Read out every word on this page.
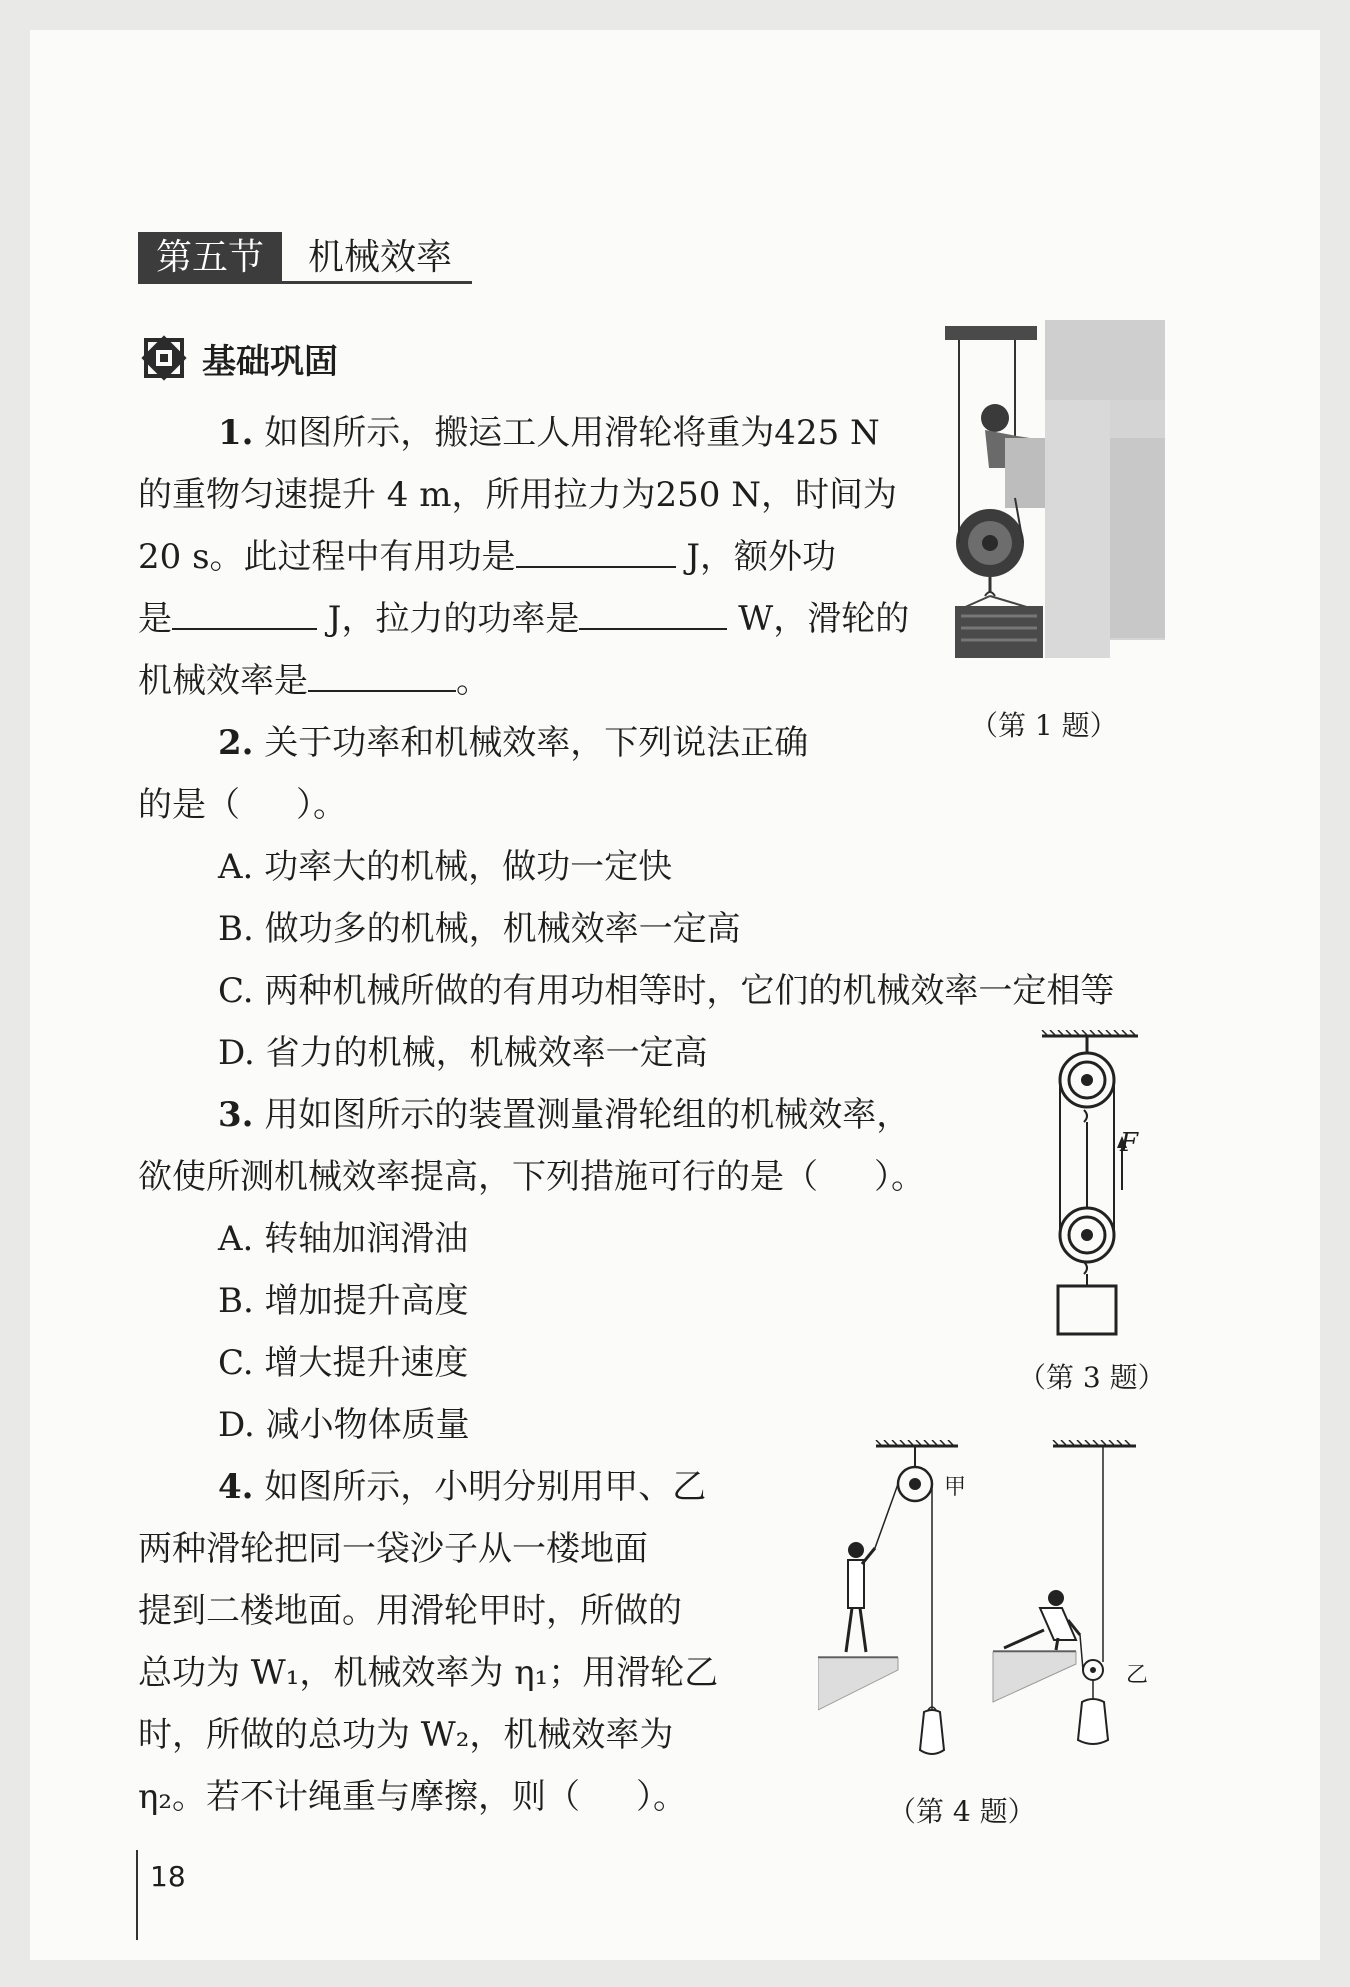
第五节	机械效率
基础巩固
1. 如图所示，搬运工人用滑轮将重为425 N
的重物匀速提升 4 m，所用拉力为250 N，时间为
20 s。此过程中有用功是	J，额外功
是	J，拉力的功率是	W，滑轮的
机械效率是	。
（第 1 题）
2. 关于功率和机械效率，下列说法正确
的是（ ）。
A. 功率大的机械，做功一定快
B. 做功多的机械，机械效率一定高
C. 两种机械所做的有用功相等时，它们的机械效率一定相等
D. 省力的机械，机械效率一定高
3. 用如图所示的装置测量滑轮组的机械效率，
欲使所测机械效率提高，下列措施可行的是（ ）。
A. 转轴加润滑油
B. 增加提升高度
C. 增大提升速度
D. 减小物体质量
F
（第 3 题）
4. 如图所示，小明分别用甲、乙
两种滑轮把同一袋沙子从一楼地面
提到二楼地面。用滑轮甲时，所做的
总功为 W₁，机械效率为 η₁；用滑轮乙
时，所做的总功为 W₂，机械效率为
η₂。若不计绳重与摩擦，则（ ）。
甲
乙
（第 4 题）
18
